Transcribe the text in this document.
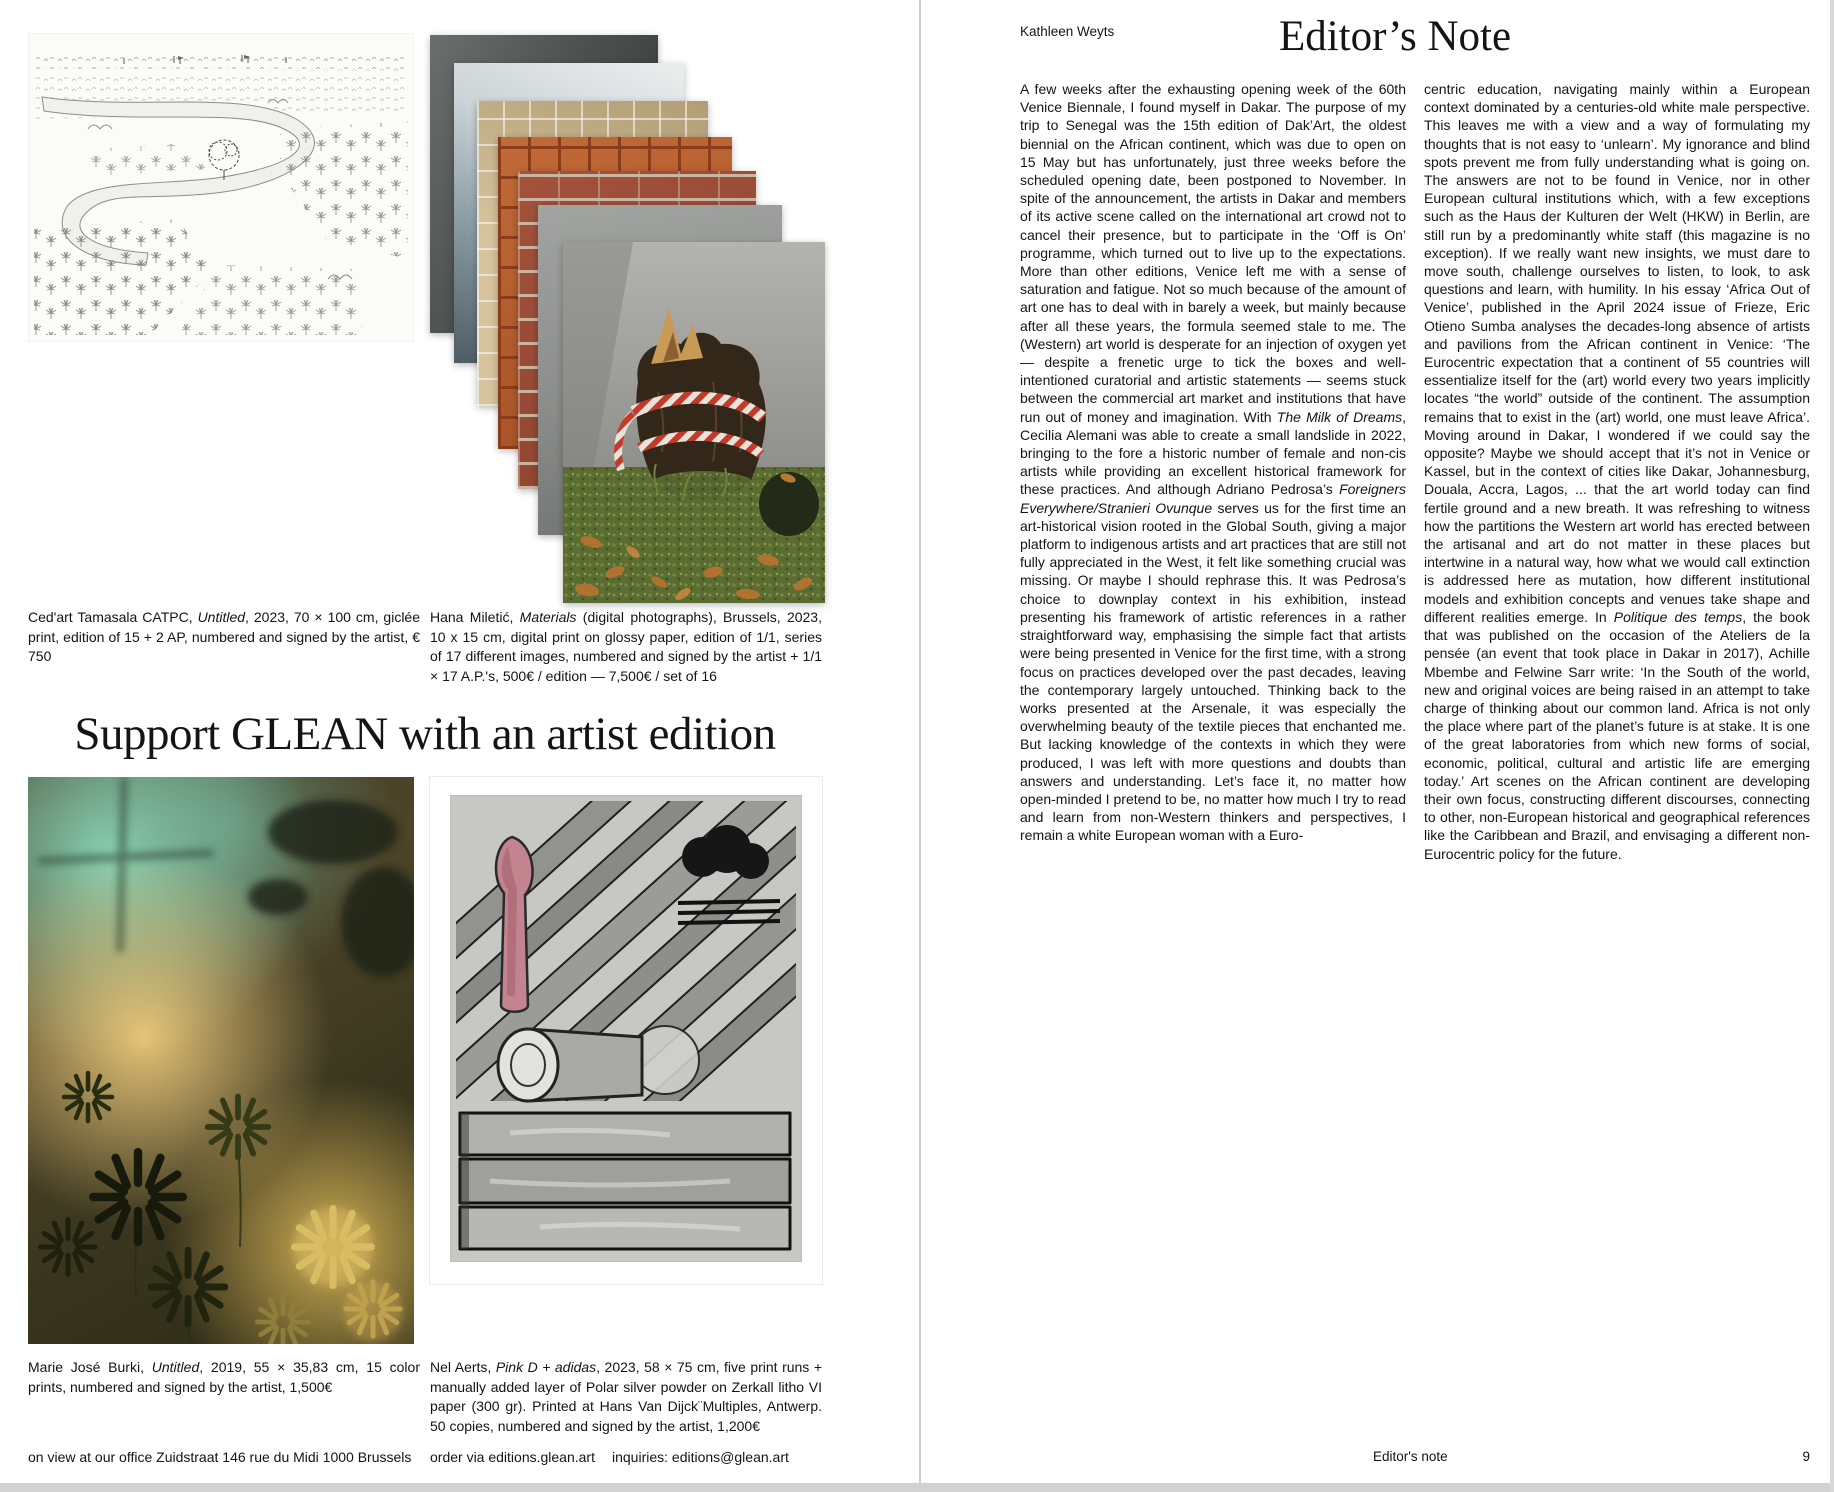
Ced'art Tamasala CATPC, Untitled, 2023, 70 × 100 cm, giclée print, edition of 15 + 2 AP, numbered and signed by the artist, € 750

Hana Miletić, Materials (digital photographs), Brussels, 2023, 10 x 15 cm, digital print on glossy paper, edition of 1/1, series of 17 different images, numbered and signed by the artist + 1/1 × 17 A.P.'s, 500€ / edition — 7,500€ / set of 16

Support GLEAN with an artist edition

Marie José Burki, Untitled, 2019, 55 × 35,83 cm, 15 color prints, numbered and signed by the artist, 1,500€

Nel Aerts, Pink D + adidas, 2023, 58 × 75 cm, five print runs + manually added layer of Polar silver powder on Zerkall litho VI paper (300 gr). Printed at Hans Van Dijck¨Multiples, Antwerp. 50 copies, numbered and signed by the artist, 1,200€

on view at our office Zuidstraat 146 rue du Midi 1000 Brussels order via editions.glean.art inquiries: editions@glean.art
Kathleen Weyts	Editor’s Note
A few weeks after the exhausting opening week of the 60th Venice Biennale, I found myself in Dakar. The purpose of my trip to Senegal was the 15th edition of Dak’Art, the oldest biennial on the African continent, which was due to open on 15 May but has unfortunately, just three weeks before the scheduled opening date, been postponed to November. In spite of the announcement, the artists in Dakar and members of its active scene called on the international art crowd not to cancel their presence, but to participate in the ‘Off is On’ programme, which turned out to live up to the expectations. More than other editions, Venice left me with a sense of saturation and fatigue. Not so much because of the amount of art one has to deal with in barely a week, but mainly because after all these years, the formula seemed stale to me. The (Western) art world is desperate for an injection of oxygen yet — despite a frenetic urge to tick the boxes and well-intentioned curatorial and artistic statements — seems stuck between the commercial art market and institutions that have run out of money and imagination. With The Milk of Dreams, Cecilia Alemani was able to create a small landslide in 2022, bringing to the fore a historic number of female and non-cis artists while providing an excellent historical framework for these practices. And although Adriano Pedrosa’s Foreigners Everywhere/Stranieri Ovunque serves us for the first time an art-historical vision rooted in the Global South, giving a major platform to indigenous artists and art practices that are still not fully appreciated in the West, it felt like something crucial was missing. Or maybe I should rephrase this. It was Pedrosa’s choice to downplay context in his exhibition, instead presenting his framework of artistic references in a rather straightforward way, emphasising the simple fact that artists were being presented in Venice for the first time, with a strong focus on practices developed over the past decades, leaving the contemporary largely untouched. Thinking back to the works presented at the Arsenale, it was especially the overwhelming beauty of the textile pieces that enchanted me. But lacking knowledge of the contexts in which they were produced, I was left with more questions and doubts than answers and understanding. Let’s face it, no matter how open-minded I pretend to be, no matter how much I try to read and learn from non-Western thinkers and perspectives, I remain a white European woman with a Euro-
centric education, navigating mainly within a European context dominated by a centuries-old white male perspective. This leaves me with a view and a way of formulating my thoughts that is not easy to ‘unlearn’. My ignorance and blind spots prevent me from fully understanding what is going on. The answers are not to be found in Venice, nor in other European cultural institutions which, with a few exceptions such as the Haus der Kulturen der Welt (HKW) in Berlin, are still run by a predominantly white staff (this magazine is no exception). If we really want new insights, we must dare to move south, challenge ourselves to listen, to look, to ask questions and learn, with humility. In his essay ‘Africa Out of Venice’, published in the April 2024 issue of Frieze, Eric Otieno Sumba analyses the decades-long absence of artists and pavilions from the African continent in Venice: ‘The Eurocentric expectation that a continent of 55 countries will essentialize itself for the (art) world every two years implicitly locates “the world” outside of the continent. The assumption remains that to exist in the (art) world, one must leave Africa’. Moving around in Dakar, I wondered if we could say the opposite? Maybe we should accept that it’s not in Venice or Kassel, but in the context of cities like Dakar, Johannesburg, Douala, Accra, Lagos, ... that the art world today can find fertile ground and a new breath. It was refreshing to witness how the partitions the Western art world has erected between the artisanal and art do not matter in these places but intertwine in a natural way, how what we would call extinction is addressed here as mutation, how different institutional models and exhibition concepts and venues take shape and different realities emerge. In Politique des temps, the book that was published on the occasion of the Ateliers de la pensée (an event that took place in Dakar in 2017), Achille Mbembe and Felwine Sarr write: ‘In the South of the world, new and original voices are being raised in an attempt to take charge of thinking about our common land. Africa is not only the place where part of the planet’s future is at stake. It is one of the great laboratories from which new forms of social, economic, political, cultural and artistic life are emerging today.’ Art scenes on the African continent are developing their own focus, constructing different discourses, connecting to other, non-European historical and geographical references like the Caribbean and Brazil, and envisaging a different non-Eurocentric policy for the future.
Editor's note	9
